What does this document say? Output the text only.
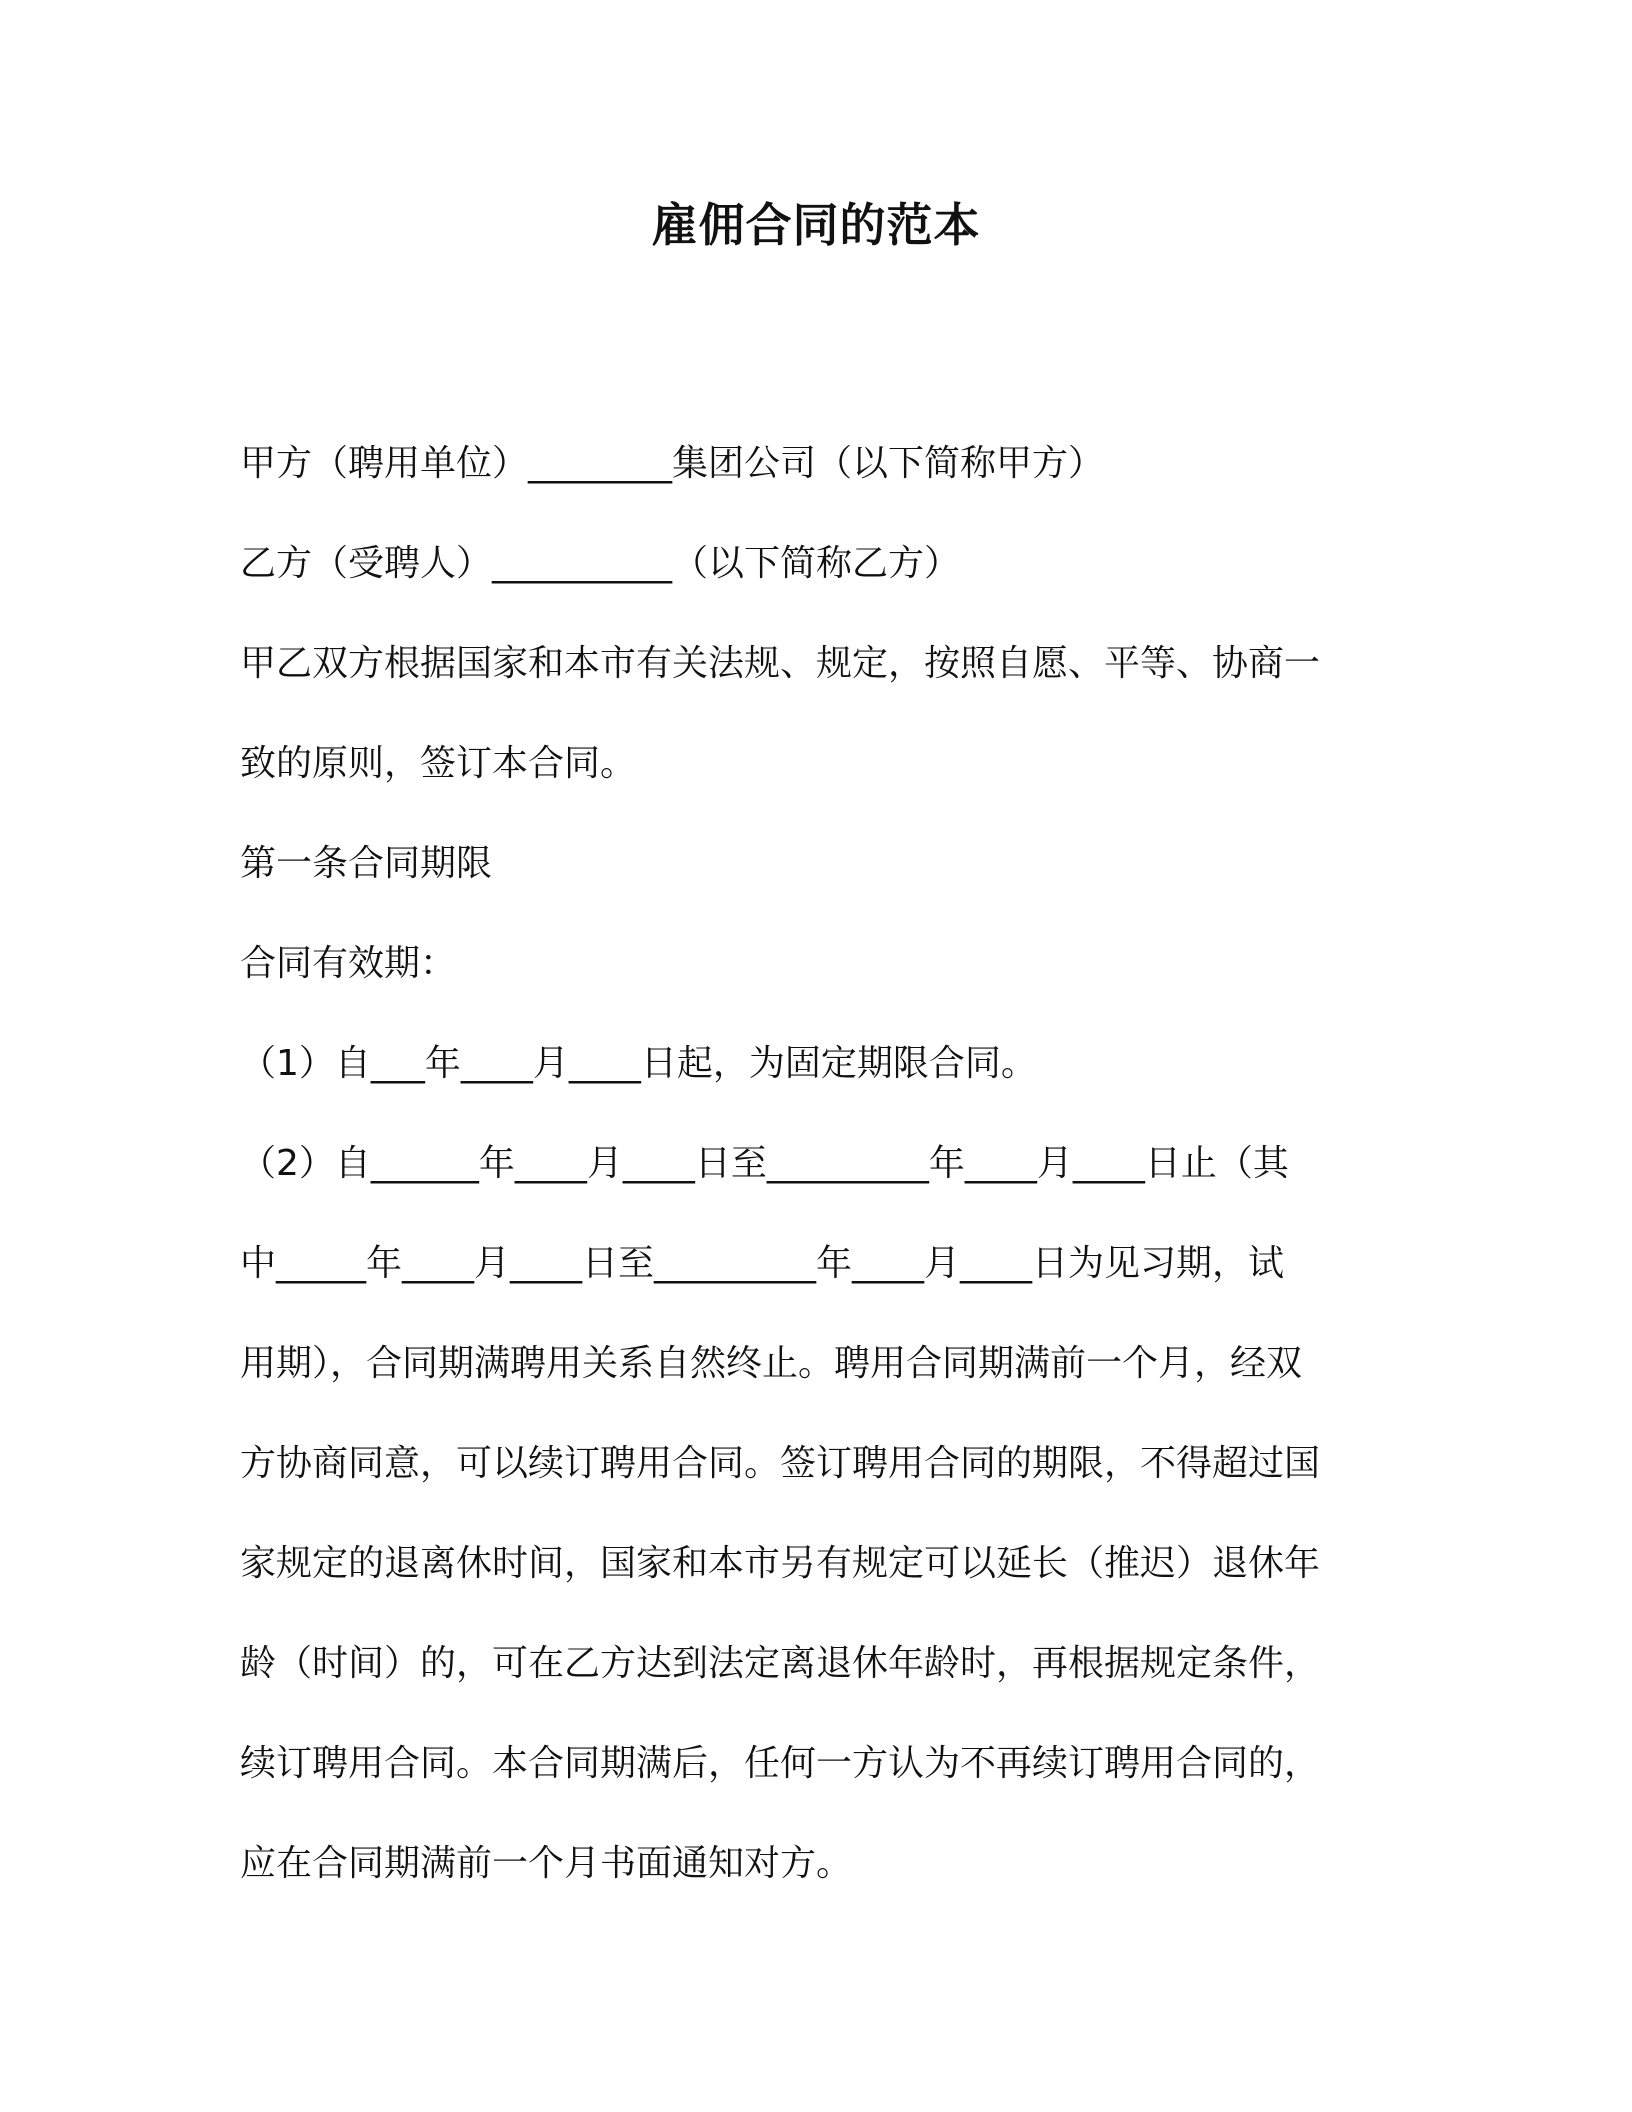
雇佣合同的范本
甲方（聘用单位）________集团公司（以下简称甲方）
乙方（受聘人）__________（以下简称乙方）
甲乙双方根据国家和本市有关法规、规定，按照自愿、平等、协商一
致的原则，签订本合同。
第一条合同期限
合同有效期：
（1）自___年____月____日起，为固定期限合同。
（2）自______年____月____日至_________年____月____日止（其
中_____年____月____日至_________年____月____日为见习期，试
用期），合同期满聘用关系自然终止。聘用合同期满前一个月，经双
方协商同意，可以续订聘用合同。签订聘用合同的期限，不得超过国
家规定的退离休时间，国家和本市另有规定可以延长（推迟）退休年
龄（时间）的，可在乙方达到法定离退休年龄时，再根据规定条件，
续订聘用合同。本合同期满后，任何一方认为不再续订聘用合同的，
应在合同期满前一个月书面通知对方。
